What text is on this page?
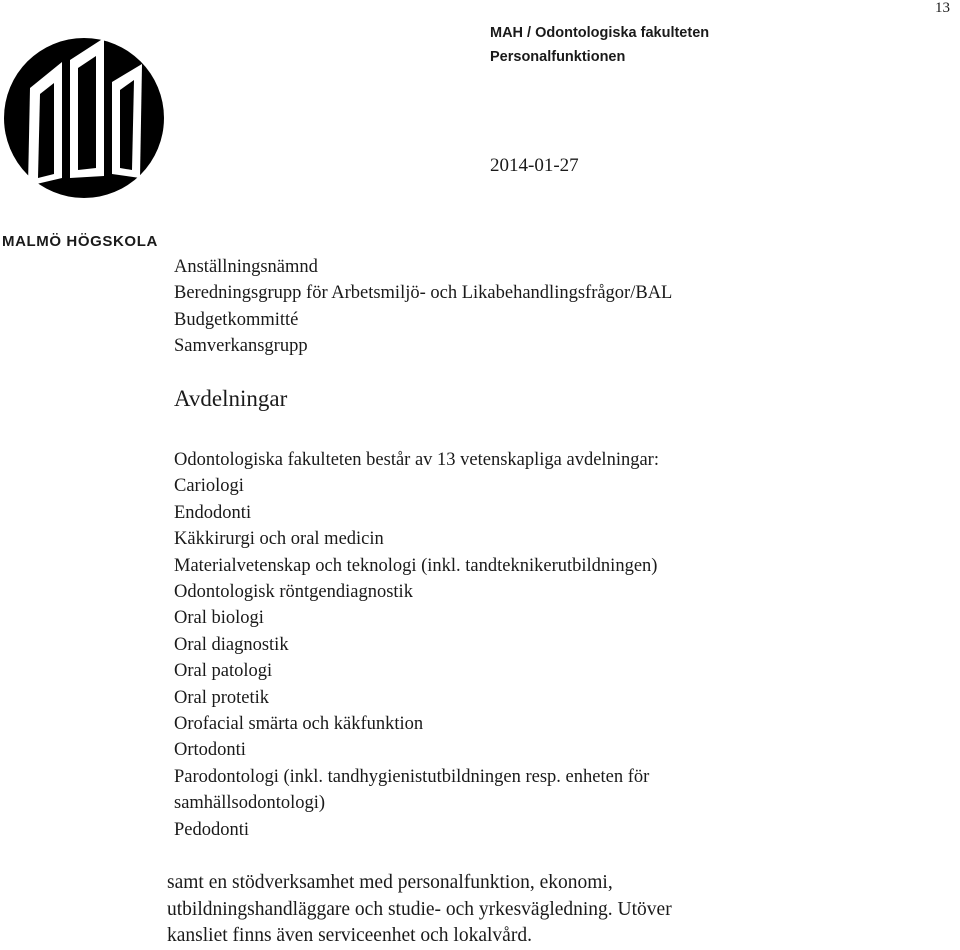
13
MALMÖ HÖGSKOLA
MAH / Odontologiska fakulteten
Personalfunktionen
2014-01-27
Anställningsnämnd
Beredningsgrupp för Arbetsmiljö- och Likabehandlingsfrågor/BAL
Budgetkommitté
Samverkansgrupp
Avdelningar
Odontologiska fakulteten består av 13 vetenskapliga avdelningar:
Cariologi
Endodonti
Käkkirurgi och oral medicin
Materialvetenskap och teknologi (inkl. tandteknikerutbildningen)
Odontologisk röntgendiagnostik
Oral biologi
Oral diagnostik
Oral patologi
Oral protetik
Orofacial smärta och käkfunktion
Ortodonti
Parodontologi (inkl. tandhygienistutbildningen resp. enheten för
samhällsodontologi)
Pedodonti
samt en stödverksamhet med personalfunktion, ekonomi,
utbildningshandläggare och studie- och yrkesvägledning. Utöver
kansliet finns även serviceenhet och lokalvård.
